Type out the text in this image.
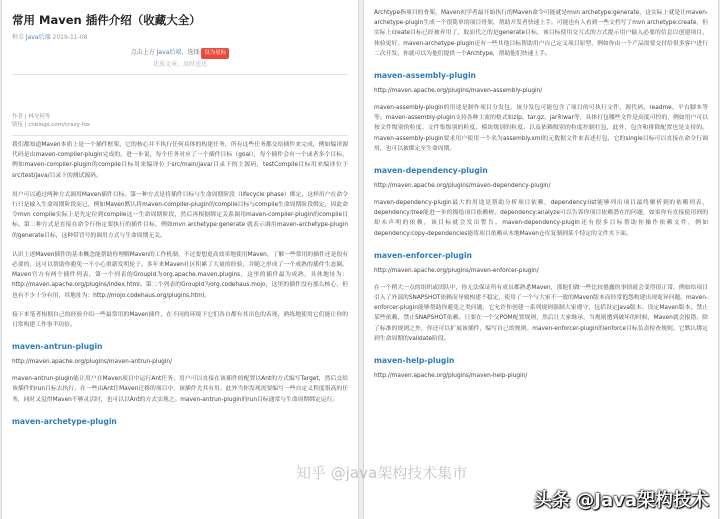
常用 Maven 插件介绍（收藏大全）
种草 Java后端 2019-11-08
点击上方 Java后端，选择 设为星标
优质文章，及时送达
作者 | 林昊何等
链接 | cnblogs.com/crazy-fox

我们都知道Maven本质上是一个插件框架，它的核心并不执行任何具体的构建任务，所有这些任务都交给插件来完成，例如编译源代码是由maven-compiler-plugin完成的。进一步说，每个任务对应了一个插件目标（goal），每个插件会有一个或者多个目标，例如maven-compiler-plugin的compile目标用来编译位于src/main/java/目录下的主源码，testCompile目标用来编译位于src/test/java/目录下的测试源码。

用户可以通过两种方式调用Maven插件目标。第一种方式是将插件目标与生命周期阶段（lifecycle phase）绑定，这样用户在命令行只是输入生命周期阶段而已，例如Maven默认将maven-compiler-plugin的compile目标与compile生命周期阶段绑定，因此命令mvn compile实际上是先定位到compile这一生命周期阶段，然后再根据绑定关系调用maven-compiler-plugin的compile目标。第二种方式是直接在命令行指定要执行的插件目标，例如mvn archetype:generate 就表示调用maven-archetype-plugin的generate目标，这种带冒号的调用方式与生命周期无关。

认识上述Maven插件的基本概念能帮助你理解Maven的工作机制，不过要想更高效率地使用Maven，了解一些常用的插件还是很有必要的，这可以帮助你避免一不小心重新发明轮子。多年来Maven社区积累了大量的经验，并随之形成了一个成熟的插件生态圈。Maven官方有两个插件列表，第一个列表的GroupId为org.apache.maven.plugins，这里的插件最为成熟，具体地址为：http://maven.apache.org/plugins/index.html。第二个列表的GroupId为org.codehaus.mojo，这里的插件没有那么核心，但也有不少十分有用，其地址为：http://mojo.codehaus.org/plugins.html。

接下来笔者根据自己的经验介绍一些最常用的Maven插件，在不同的环境下它们各自都有其出色的表现，熟练地使用它们能让你的日常构建工作事半功倍。

maven-antrun-plugin

http://maven.apache.org/plugins/maven-antrun-plugin/

maven-antrun-plugin能让用户在Maven项目中运行Ant任务。用户可以直接在该插件的配置以Ant的方式编写Target，然后交给该插件的run目标去执行。在一些由Ant往Maven迁移的项目中，该插件尤其有用。此外当你发现需要编写一些自定义程度很高的任务，同时又觉得Maven不够灵活时，也可以以Ant的方式实现之。maven-antrun-plugin的run目标通常与生命周期绑定运行。

maven-archetype-plugin

Archtype指项目的骨架，Maven初学者最开始执行的Maven命令可能就是mvn archetype:generate，这实际上就是让maven-archetype-plugin生成一个很简单的项目骨架，帮助开发者快速上手。可能也有人看到一些文档写了mvn archetype:create，但实际上create目标已经被弃用了，取而代之的是generate目标，该目标使用交互式的方式提示用户输入必要的信息以创建项目，体验更好。maven-archetype-plugin还有一些其他目标帮助用户自己定义项目原型，例如你由一个产品需要交付给很多客户进行二次开发，你就可以为他们提供一个Archtype，帮助他们快速上手。

maven-assembly-plugin

http://maven.apache.org/plugins/maven-assembly-plugin/

maven-assembly-plugin的用途是制作项目分发包，该分发包可能包含了项目的可执行文件、源代码、readme、平台脚本等等。maven-assembly-plugin支持各种主流的格式如zip、tar.gz、jar和war等，具体打包哪些文件是高度可控的，例如用户可以按文件级别的粒度、文件集级别的粒度、模块级别的粒度、以及依赖级别的粒度控制打包，此外，包含和排除配置也是支持的。maven-assembly-plugin要求用户使用一个名为assembly.xml的元数据文件来表述打包，它的single目标可以直接在命令行调用，也可以被绑定至生命周期。

maven-dependency-plugin

http://maven.apache.org/plugins/maven-dependency-plugin/

maven-dependency-plugin最大的用途是帮助分析项目依赖，dependency:list能够列出项目最终解析到的依赖列表，dependency:tree能进一步的描绘项目依赖树，dependency:analyze可以告诉你项目依赖潜在的问题，如果你有直接使用到的却未声明的依赖，该目标就会发出警告。maven-dependency-plugin还有很多目标帮助你操作依赖文件，例如dependency:copy-dependencies能将项目依赖从本地Maven仓库复制到某个特定的文件夹下面。

maven-enforcer-plugin

http://maven.apache.org/plugins/maven-enforcer-plugin/

在一个稍大一点的组织或团队中，你无法保证所有成员都熟悉Maven，那他们做一些比较愚蠢的事情就会变得很正常，例如给项目引入了外部的SNAPSHOT依赖而导致构建不稳定，使用了一个与大家不一致的Maven版本而经常抱怨构建出现诡异问题。maven-enforcer-plugin能够帮助你避免之类问题，它允许你创建一系列规则强制大家遵守，包括设定Java版本、设定Maven版本、禁止某些依赖、禁止SNAPSHOT依赖。只要在一个父POM配置规则，然后让大家继承，当规则遭到破坏的时候，Maven就会报错。除了标准的规则之外，你还可以扩展该插件，编写自己的规则。maven-enforcer-plugin的enforce目标负责检查规则，它默认绑定到生命周期的validate阶段。

maven-help-plugin

http://maven.apache.org/plugins/maven-help-plugin/

知乎 @java架构技术集市
头条 @Java架构技术
